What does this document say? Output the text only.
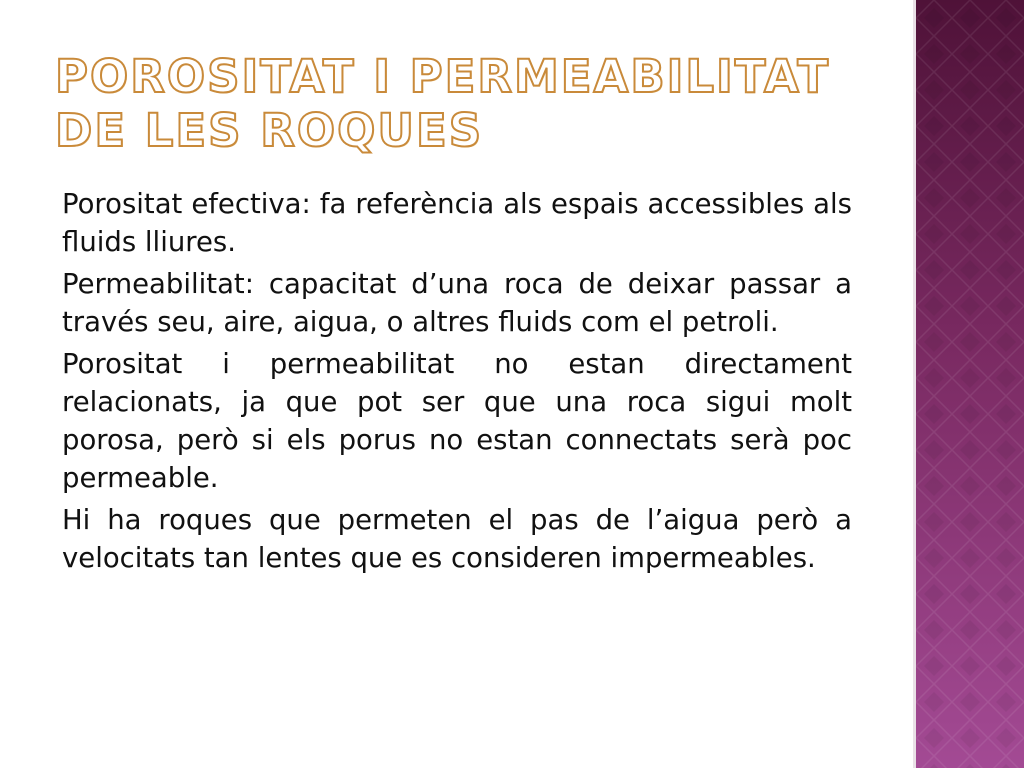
POROSITAT I PERMEABILITAT DE LES ROQUES

Porositat efectiva: fa referència als espais accessibles als fluids lliures.

Permeabilitat: capacitat d’una roca de deixar passar a través seu, aire, aigua, o altres fluids com el petroli.

Porositat i permeabilitat no estan directament relacionats, ja que pot ser que una roca sigui molt porosa, però si els porus no estan connectats serà poc permeable.

Hi ha roques que permeten el pas de l’aigua però a velocitats tan lentes que es consideren impermeables.
